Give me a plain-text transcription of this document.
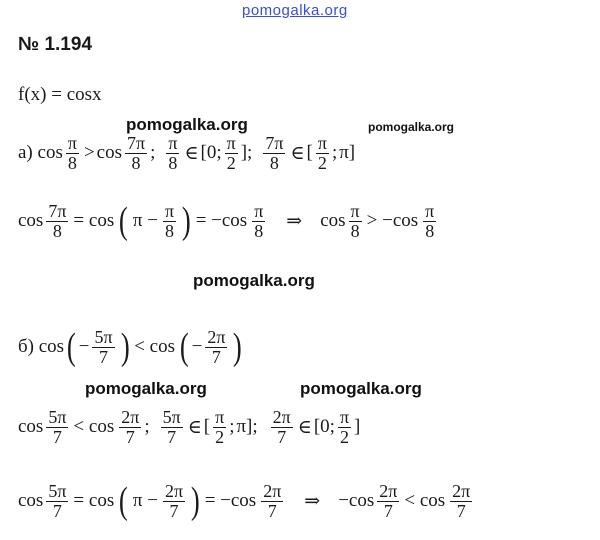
pomogalka.org
№ 1.194
f(x) = cosx
pomogalka.org	pomogalka.org
а) $\cos \frac{\pi}{8} > \cos \frac{7\pi}{8}$ ; $\frac{\pi}{8}$ ∈ [0; $\frac{\pi}{2}$ ]; $\frac{7\pi}{8}$ ∈ [ $\frac{\pi}{2}$ ; π]
$\cos \frac{7\pi}{8} = \cos$ ( $\pi - \frac{\pi}{8}$ ) = $-\cos \frac{\pi}{8}$ ⇒ $\cos \frac{\pi}{8} > -\cos \frac{\pi}{8}$
pomogalka.org
б) cos ( − $\frac{5\pi}{7}$ ) < cos ( − $\frac{2\pi}{7}$ )
pomogalka.org	pomogalka.org
$\cos \frac{5\pi}{7} < \cos \frac{2\pi}{7}$ ; $\frac{5\pi}{7}$ ∈ [ $\frac{\pi}{2}$ ; π]; $\frac{2\pi}{7}$ ∈ [0; $\frac{\pi}{2}$ ]
$\cos \frac{5\pi}{7} = \cos$ ( $\pi - \frac{2\pi}{7}$ ) = $-\cos \frac{2\pi}{7}$ ⇒ $-\cos \frac{2\pi}{7} < \cos \frac{2\pi}{7}$
